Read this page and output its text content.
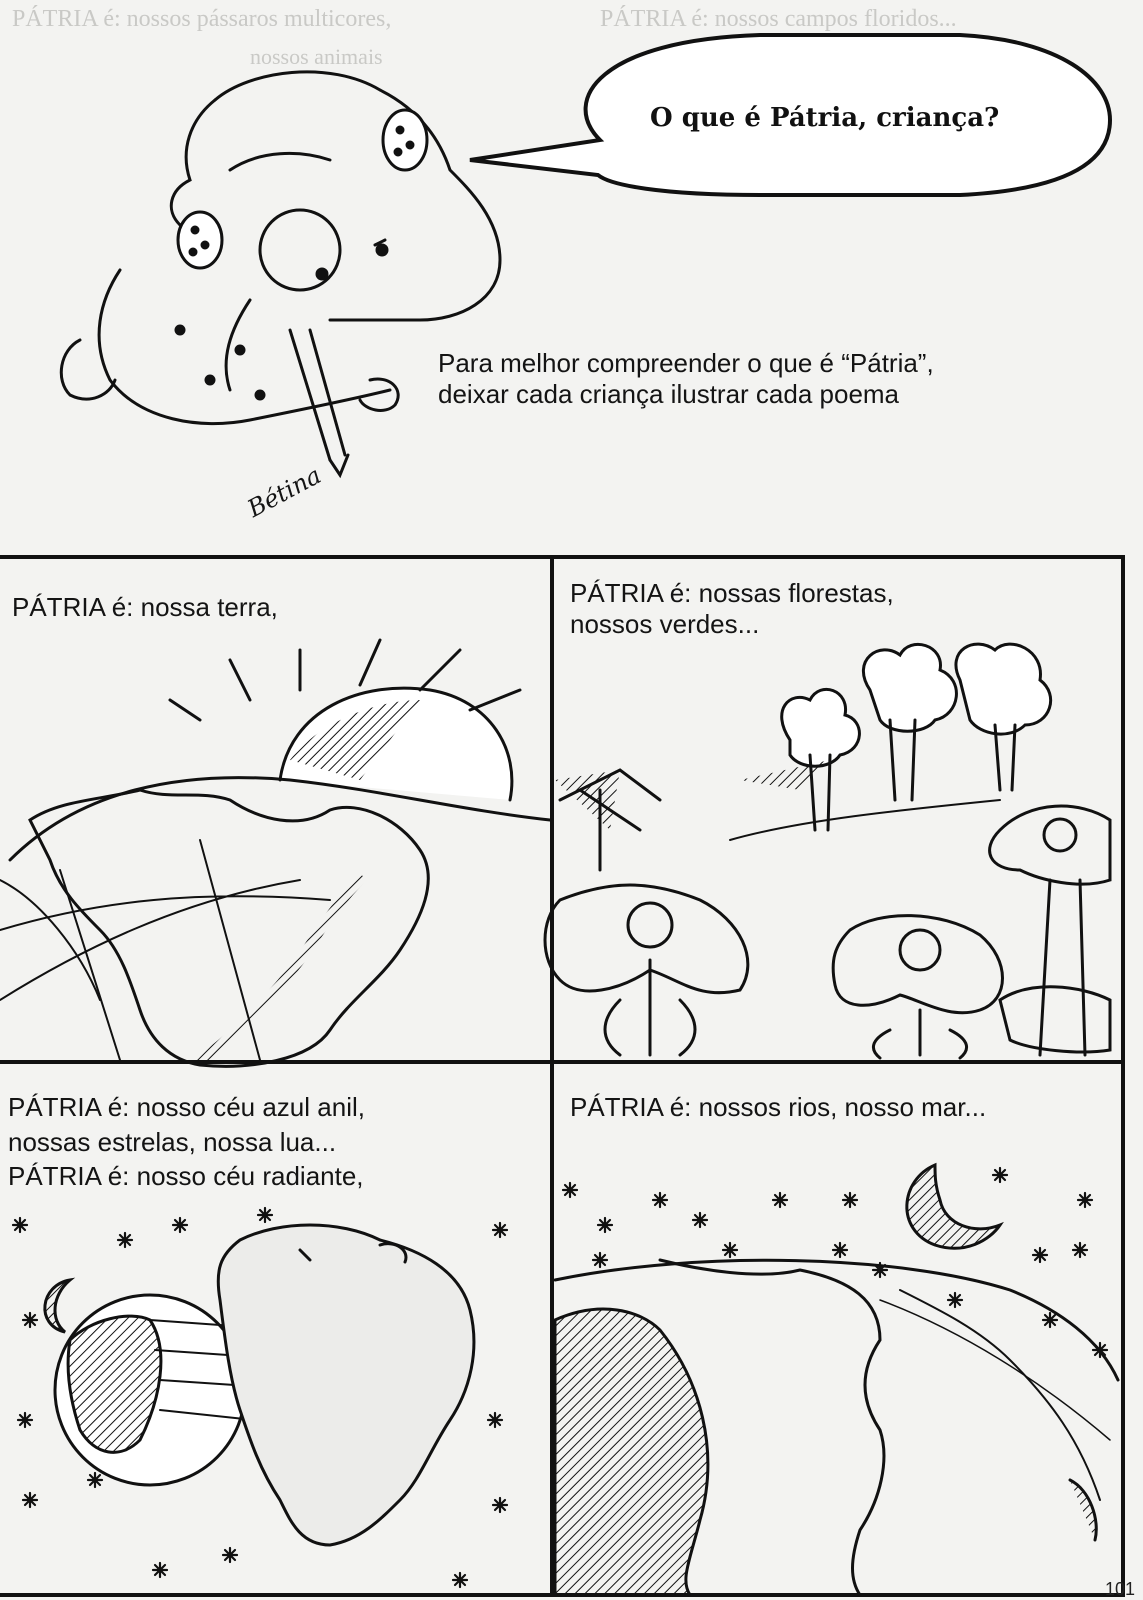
PÁTRIA é: nossos pássaros multicores,	PÁTRIA é: nossos campos floridos...
nossos animais
O que é Pátria, criança?
Bétina
Para melhor compreender o que é “Pátria”,
deixar cada criança ilustrar cada poema
PÁTRIA é: nossa terra,	PÁTRIA é: nossas florestas,
nossos verdes...
PÁTRIA é: nosso céu azul anil,
nossas estrelas, nossa lua...
PÁTRIA é: nosso céu radiante,
PÁTRIA é: nossos rios, nosso mar...
101
